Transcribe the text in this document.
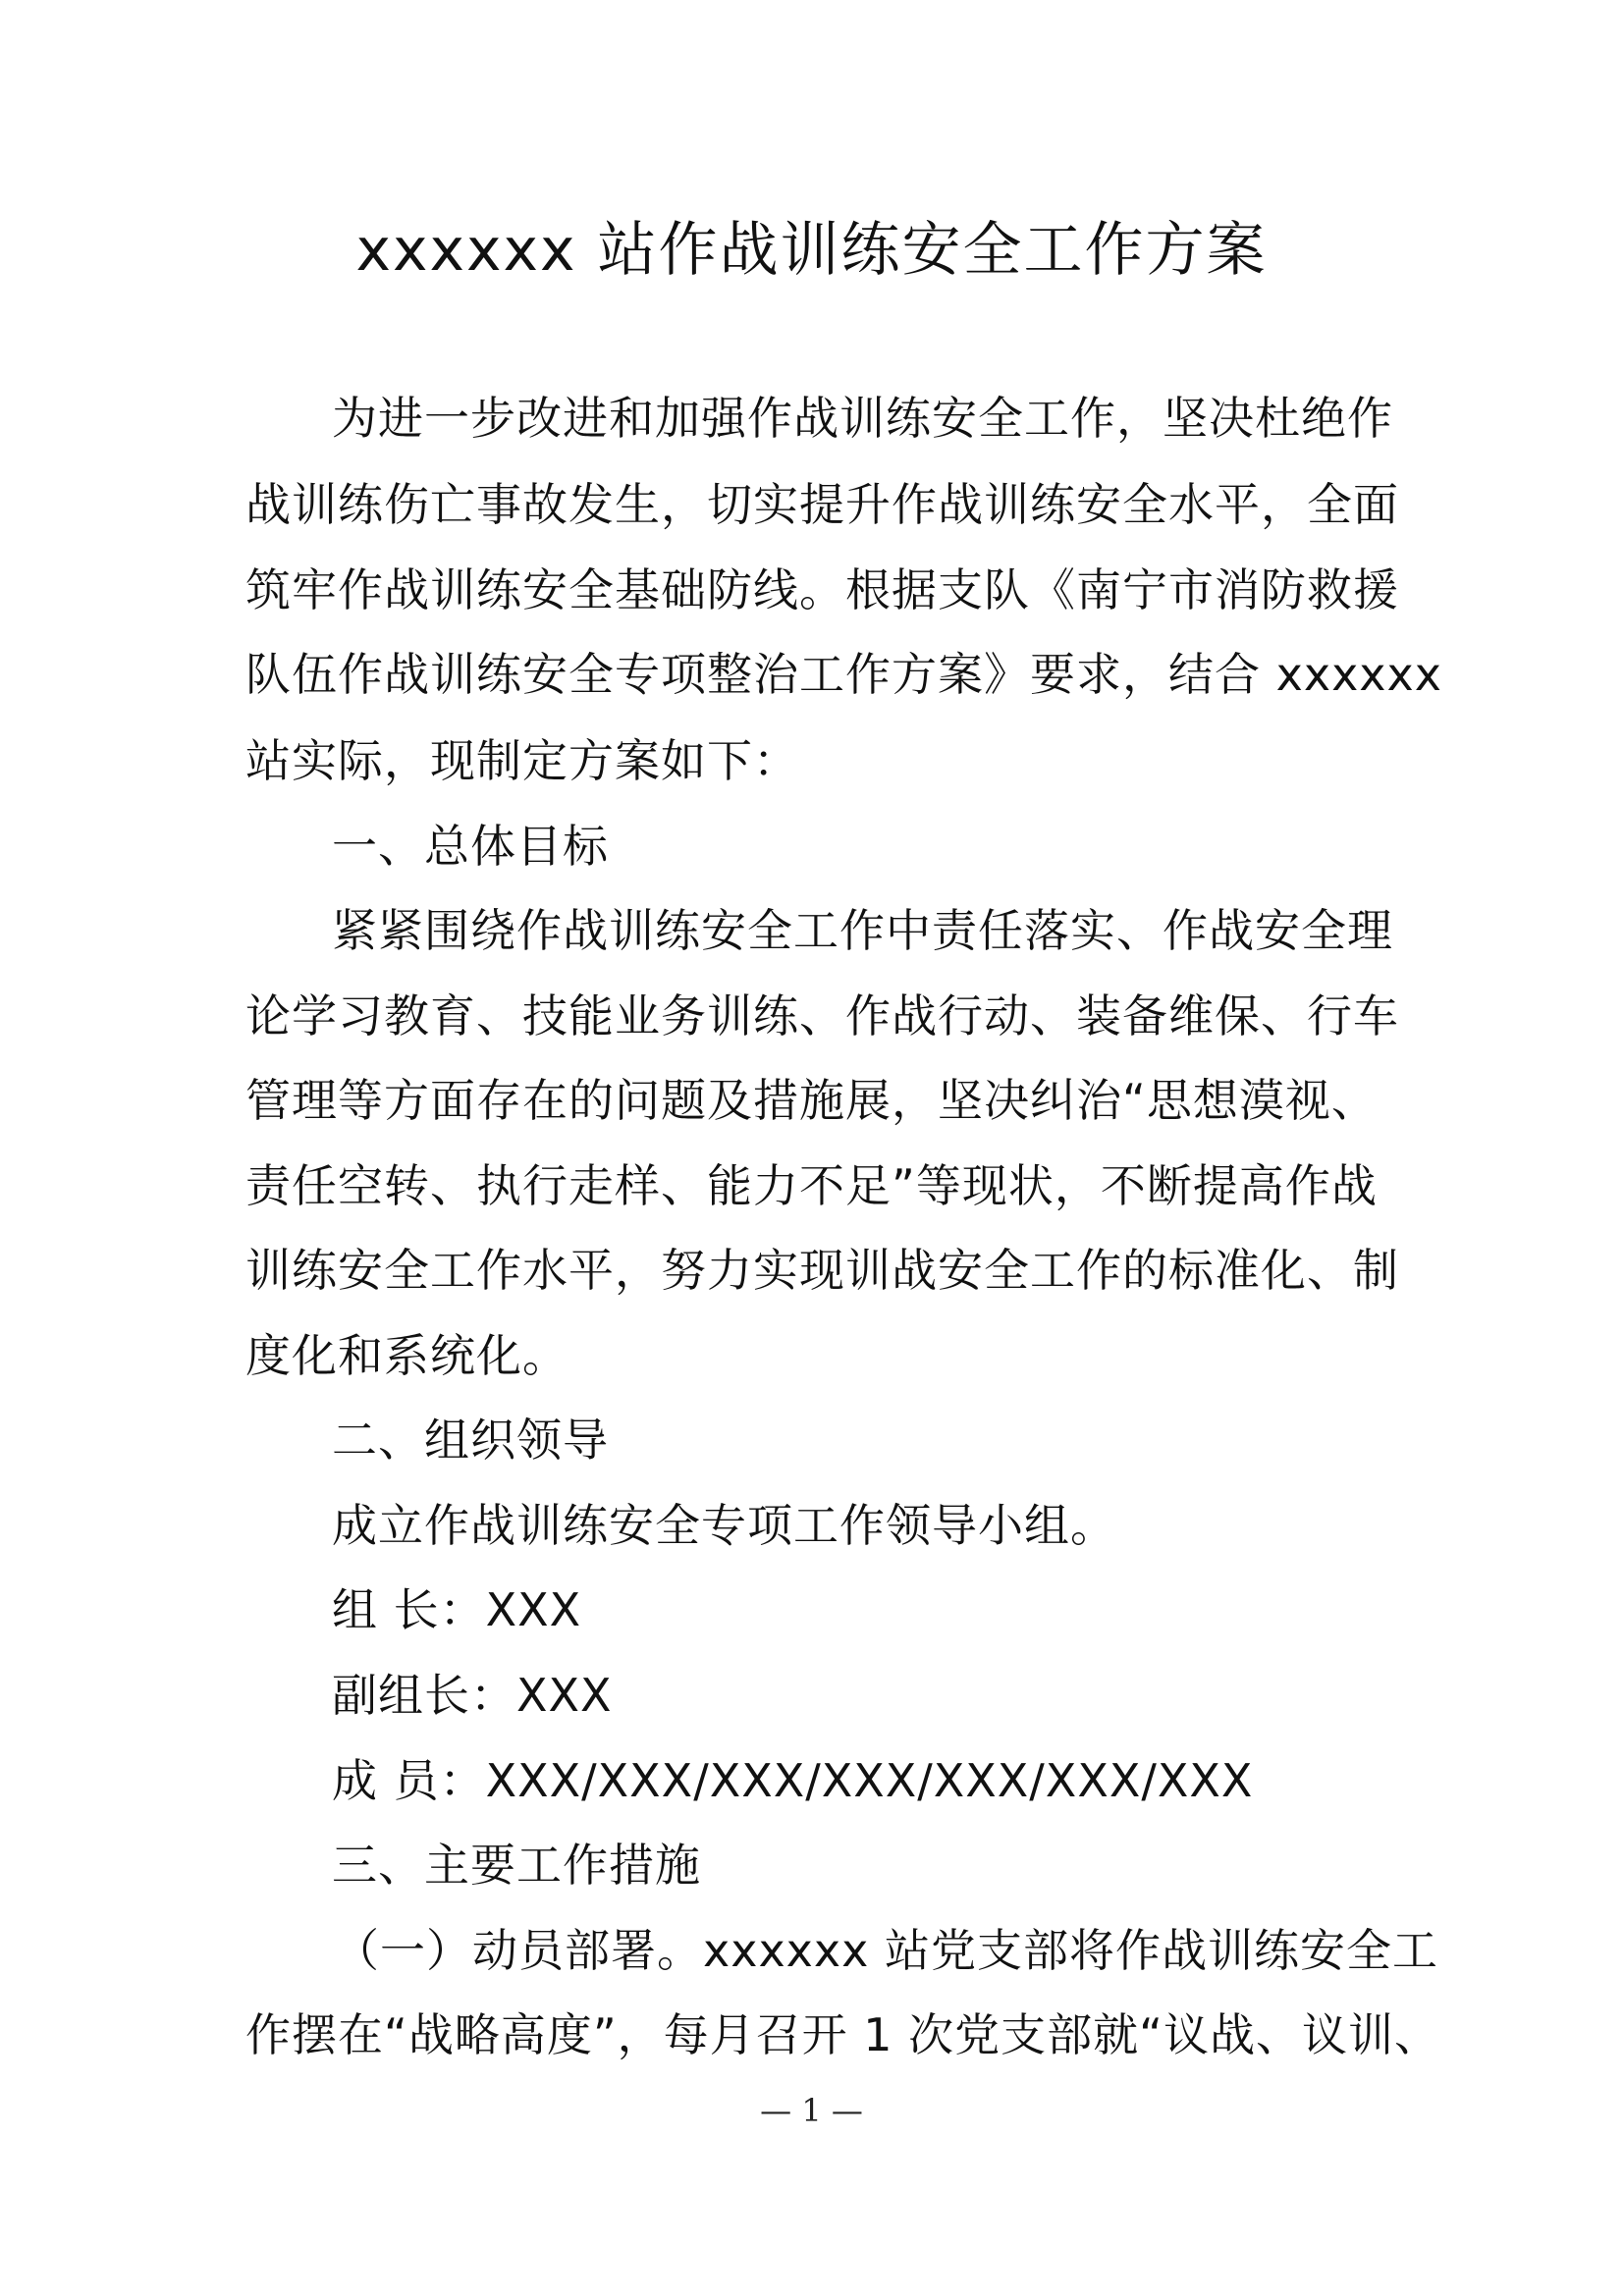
xxxxxx 站作战训练安全工作方案
为进一步改进和加强作战训练安全工作，坚决杜绝作
战训练伤亡事故发生，切实提升作战训练安全水平，全面
筑牢作战训练安全基础防线。根据支队《南宁市消防救援
队伍作战训练安全专项整治工作方案》要求，结合 xxxxxx
站实际，现制定方案如下：
一、总体目标
紧紧围绕作战训练安全工作中责任落实、作战安全理
论学习教育、技能业务训练、作战行动、装备维保、行车
管理等方面存在的问题及措施展，坚决纠治“思想漠视、
责任空转、执行走样、能力不足”等现状，不断提高作战
训练安全工作水平，努力实现训战安全工作的标准化、制
度化和系统化。
二、组织领导
成立作战训练安全专项工作领导小组。
组 长：XXX
副组长：XXX
成 员：XXX/XXX/XXX/XXX/XXX/XXX/XXX
三、主要工作措施
（一）动员部署。xxxxxx 站党支部将作战训练安全工
作摆在“战略高度”，每月召开 1 次党支部就“议战、议训、
— 1 —
